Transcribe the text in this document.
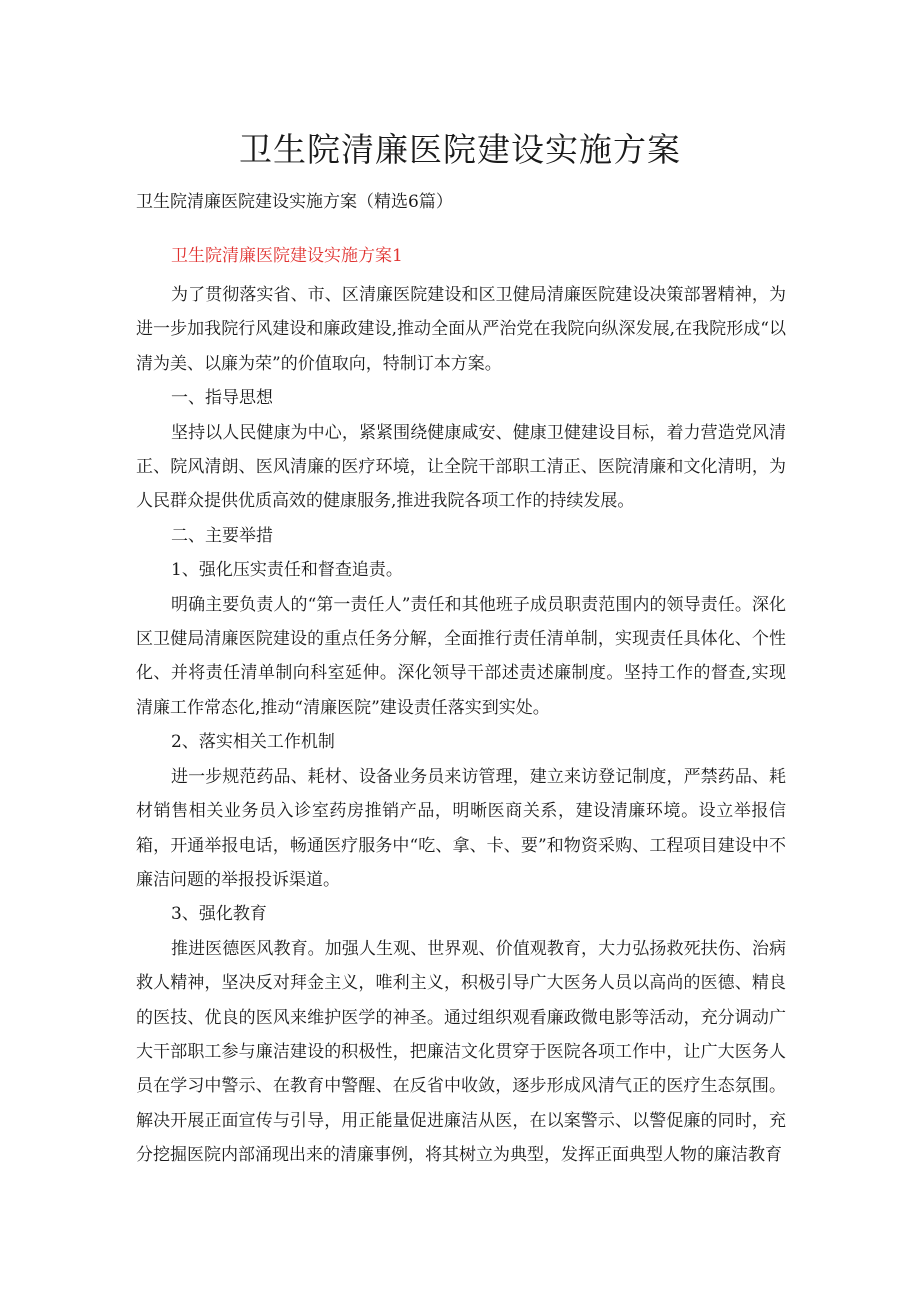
卫生院清廉医院建设实施方案

卫生院清廉医院建设实施方案（精选6篇）

卫生院清廉医院建设实施方案1

为了贯彻落实省、市、区清廉医院建设和区卫健局清廉医院建设决策部署精神，为进一步加我院行风建设和廉政建设,推动全面从严治党在我院向纵深发展,在我院形成“以清为美、以廉为荣”的价值取向，特制订本方案。

一、指导思想

坚持以人民健康为中心，紧紧围绕健康咸安、健康卫健建设目标，着力营造党风清正、院风清朗、医风清廉的医疗环境，让全院干部职工清正、医院清廉和文化清明，为人民群众提供优质高效的健康服务,推进我院各项工作的持续发展。

二、主要举措

1、强化压实责任和督查追责。

明确主要负责人的“第一责任人”责任和其他班子成员职责范围内的领导责任。深化区卫健局清廉医院建设的重点任务分解，全面推行责任清单制，实现责任具体化、个性化、并将责任清单制向科室延伸。深化领导干部述责述廉制度。坚持工作的督查,实现清廉工作常态化,推动“清廉医院”建设责任落实到实处。

2、落实相关工作机制

进一步规范药品、耗材、设备业务员来访管理，建立来访登记制度，严禁药品、耗材销售相关业务员入诊室药房推销产品，明晰医商关系，建设清廉环境。设立举报信箱，开通举报电话，畅通医疗服务中“吃、拿、卡、要”和物资采购、工程项目建设中不廉洁问题的举报投诉渠道。

3、强化教育

推进医德医风教育。加强人生观、世界观、价值观教育，大力弘扬救死扶伤、治病救人精神，坚决反对拜金主义，唯利主义，积极引导广大医务人员以高尚的医德、精良的医技、优良的医风来维护医学的神圣。通过组织观看廉政微电影等活动，充分调动广大干部职工参与廉洁建设的积极性，把廉洁文化贯穿于医院各项工作中，让广大医务人员在学习中警示、在教育中警醒、在反省中收敛，逐步形成风清气正的医疗生态氛围。解决开展正面宣传与引导，用正能量促进廉洁从医，在以案警示、以警促廉的同时，充分挖掘医院内部涌现出来的清廉事例，将其树立为典型，发挥正面典型人物的廉洁教育
